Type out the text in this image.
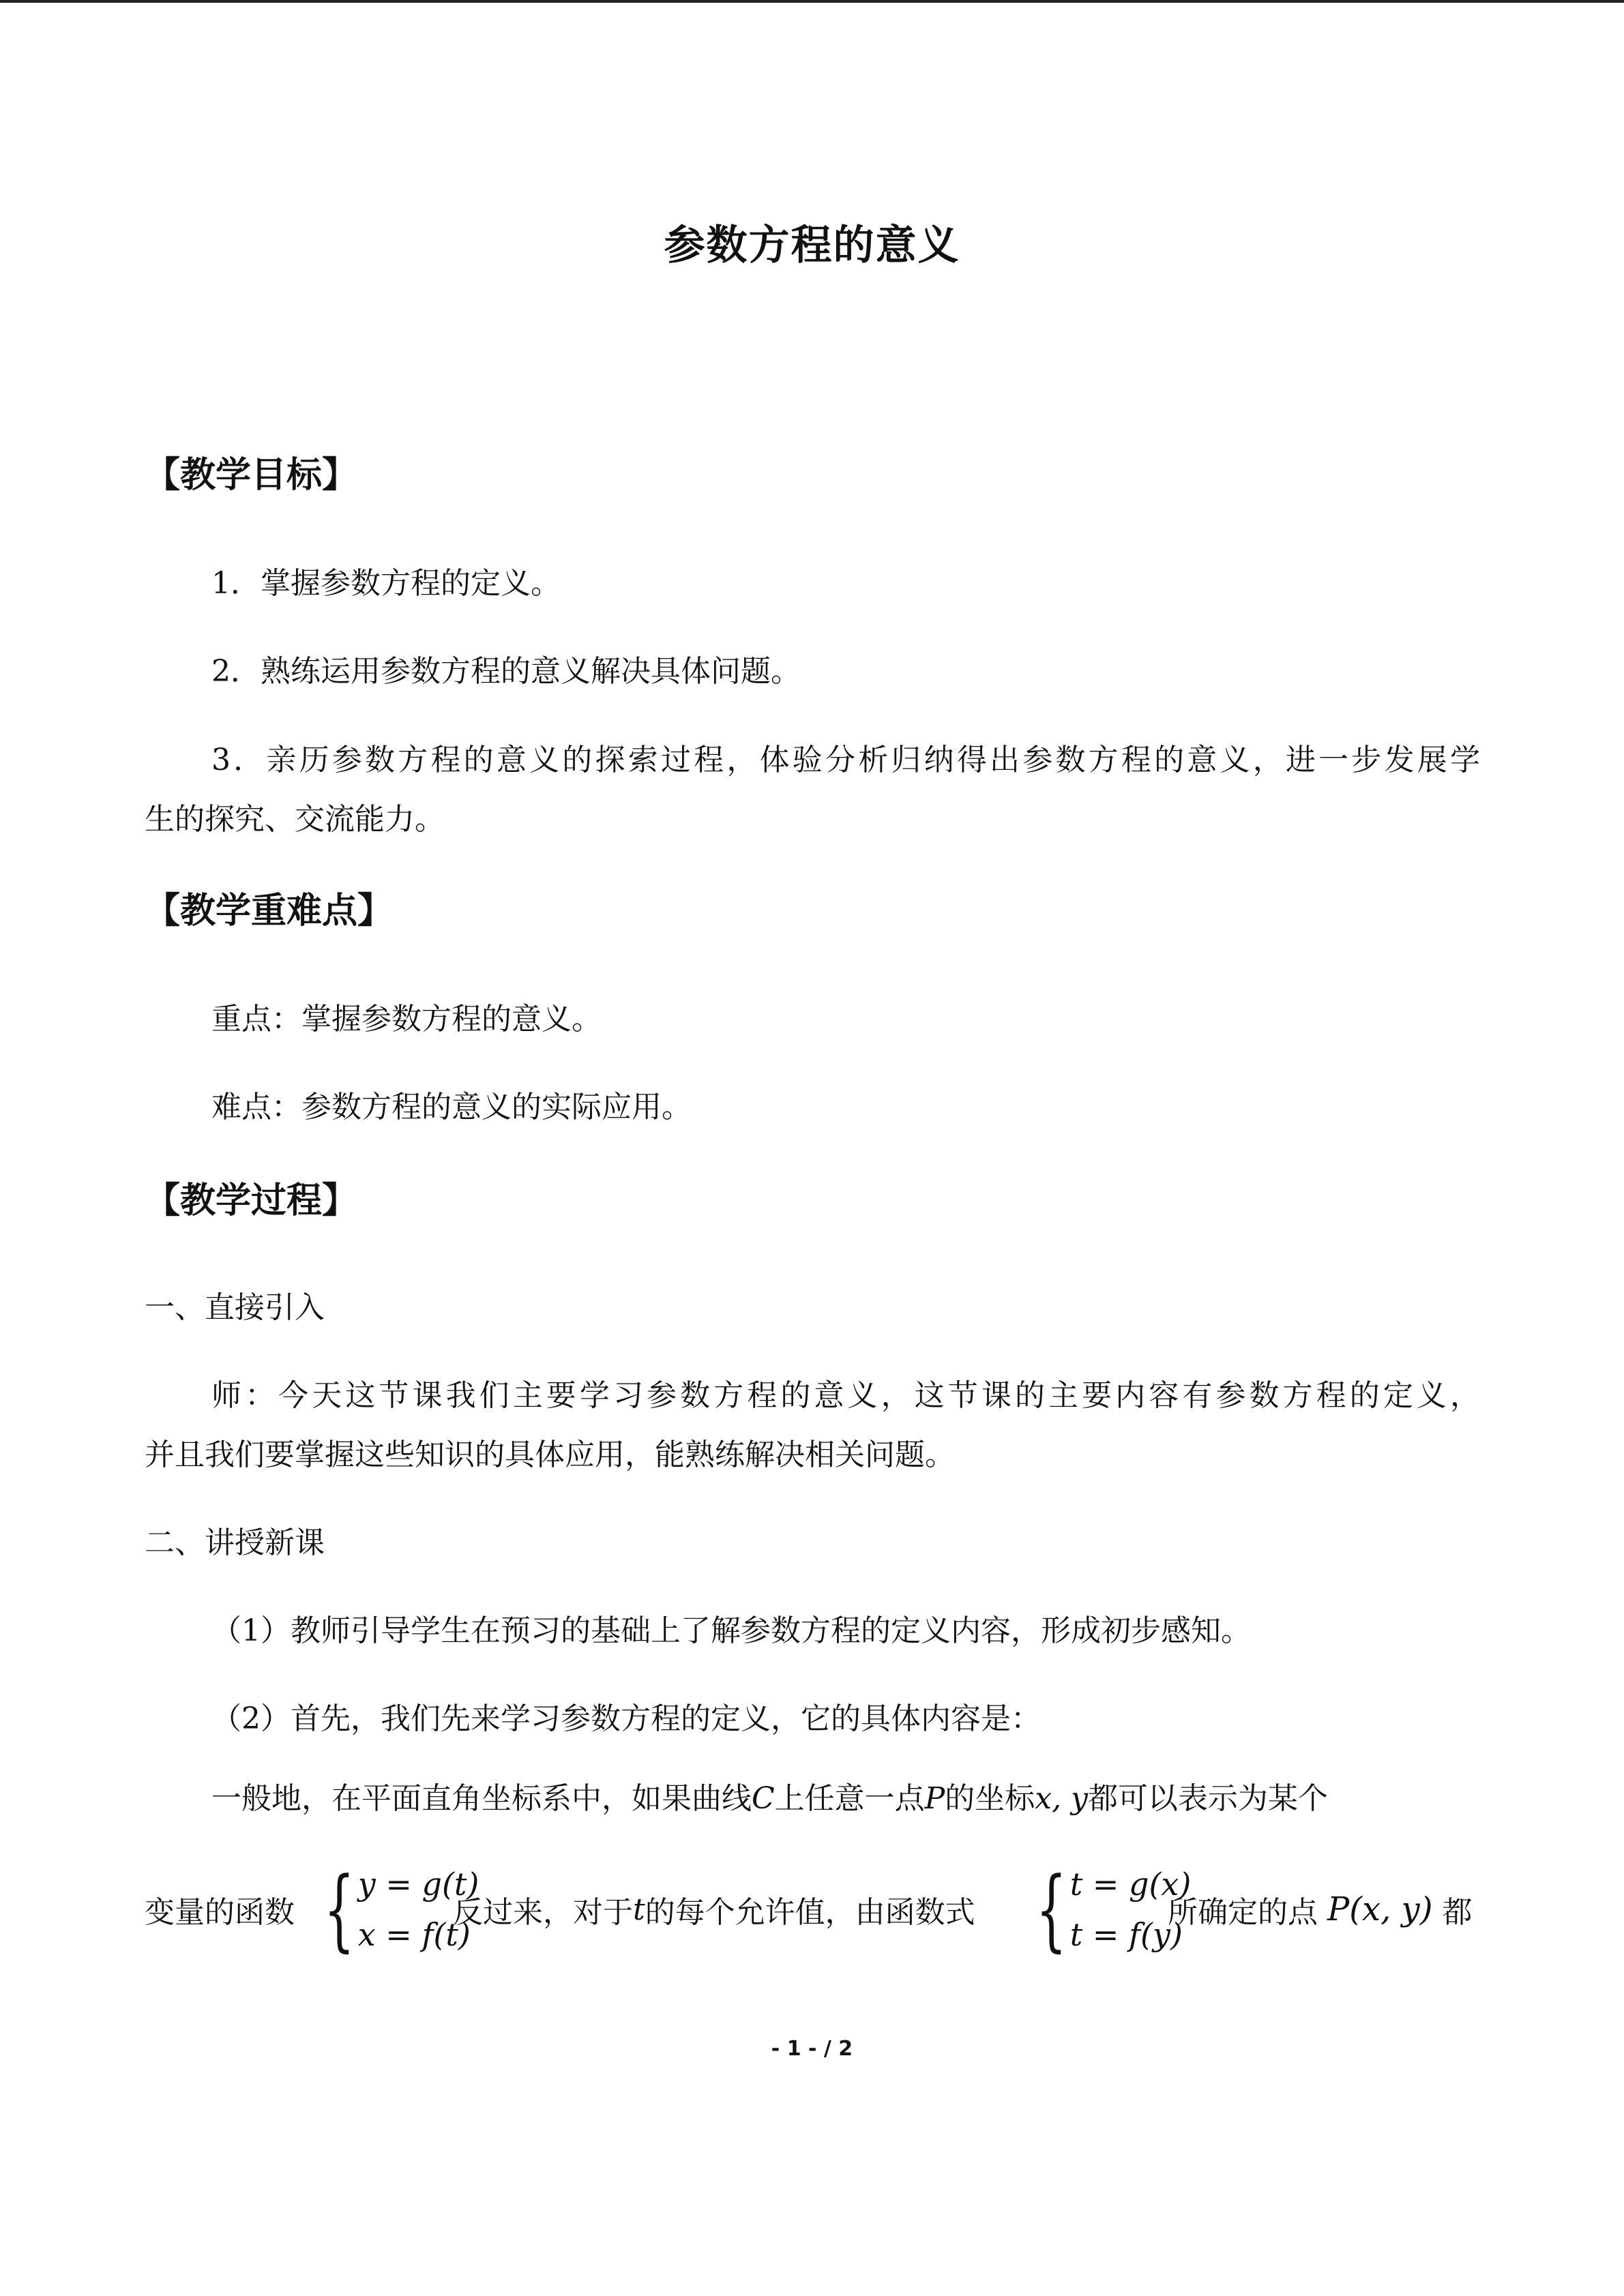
参数方程的意义
【教学目标】
1．掌握参数方程的定义。
2．熟练运用参数方程的意义解决具体问题。
3．亲历参数方程的意义的探索过程，体验分析归纳得出参数方程的意义，进一步发展学
生的探究、交流能力。
【教学重难点】
重点：掌握参数方程的意义。
难点：参数方程的意义的实际应用。
【教学过程】
一、直接引入
师：今天这节课我们主要学习参数方程的意义，这节课的主要内容有参数方程的定义，
并且我们要掌握这些知识的具体应用，能熟练解决相关问题。
二、讲授新课
（1）教师引导学生在预习的基础上了解参数方程的定义内容，形成初步感知。
（2）首先，我们先来学习参数方程的定义，它的具体内容是：
一般地，在平面直角坐标系中，如果曲线C上任意一点P的坐标x, y都可以表示为某个
变量的函数 { y = g(t)
x = f(t)
反过来，对于 t 的每个允许值，由函数式 { t = g(x)
t = f(y)
所确定的点
P(x, y)
都
- 1 - / 2
